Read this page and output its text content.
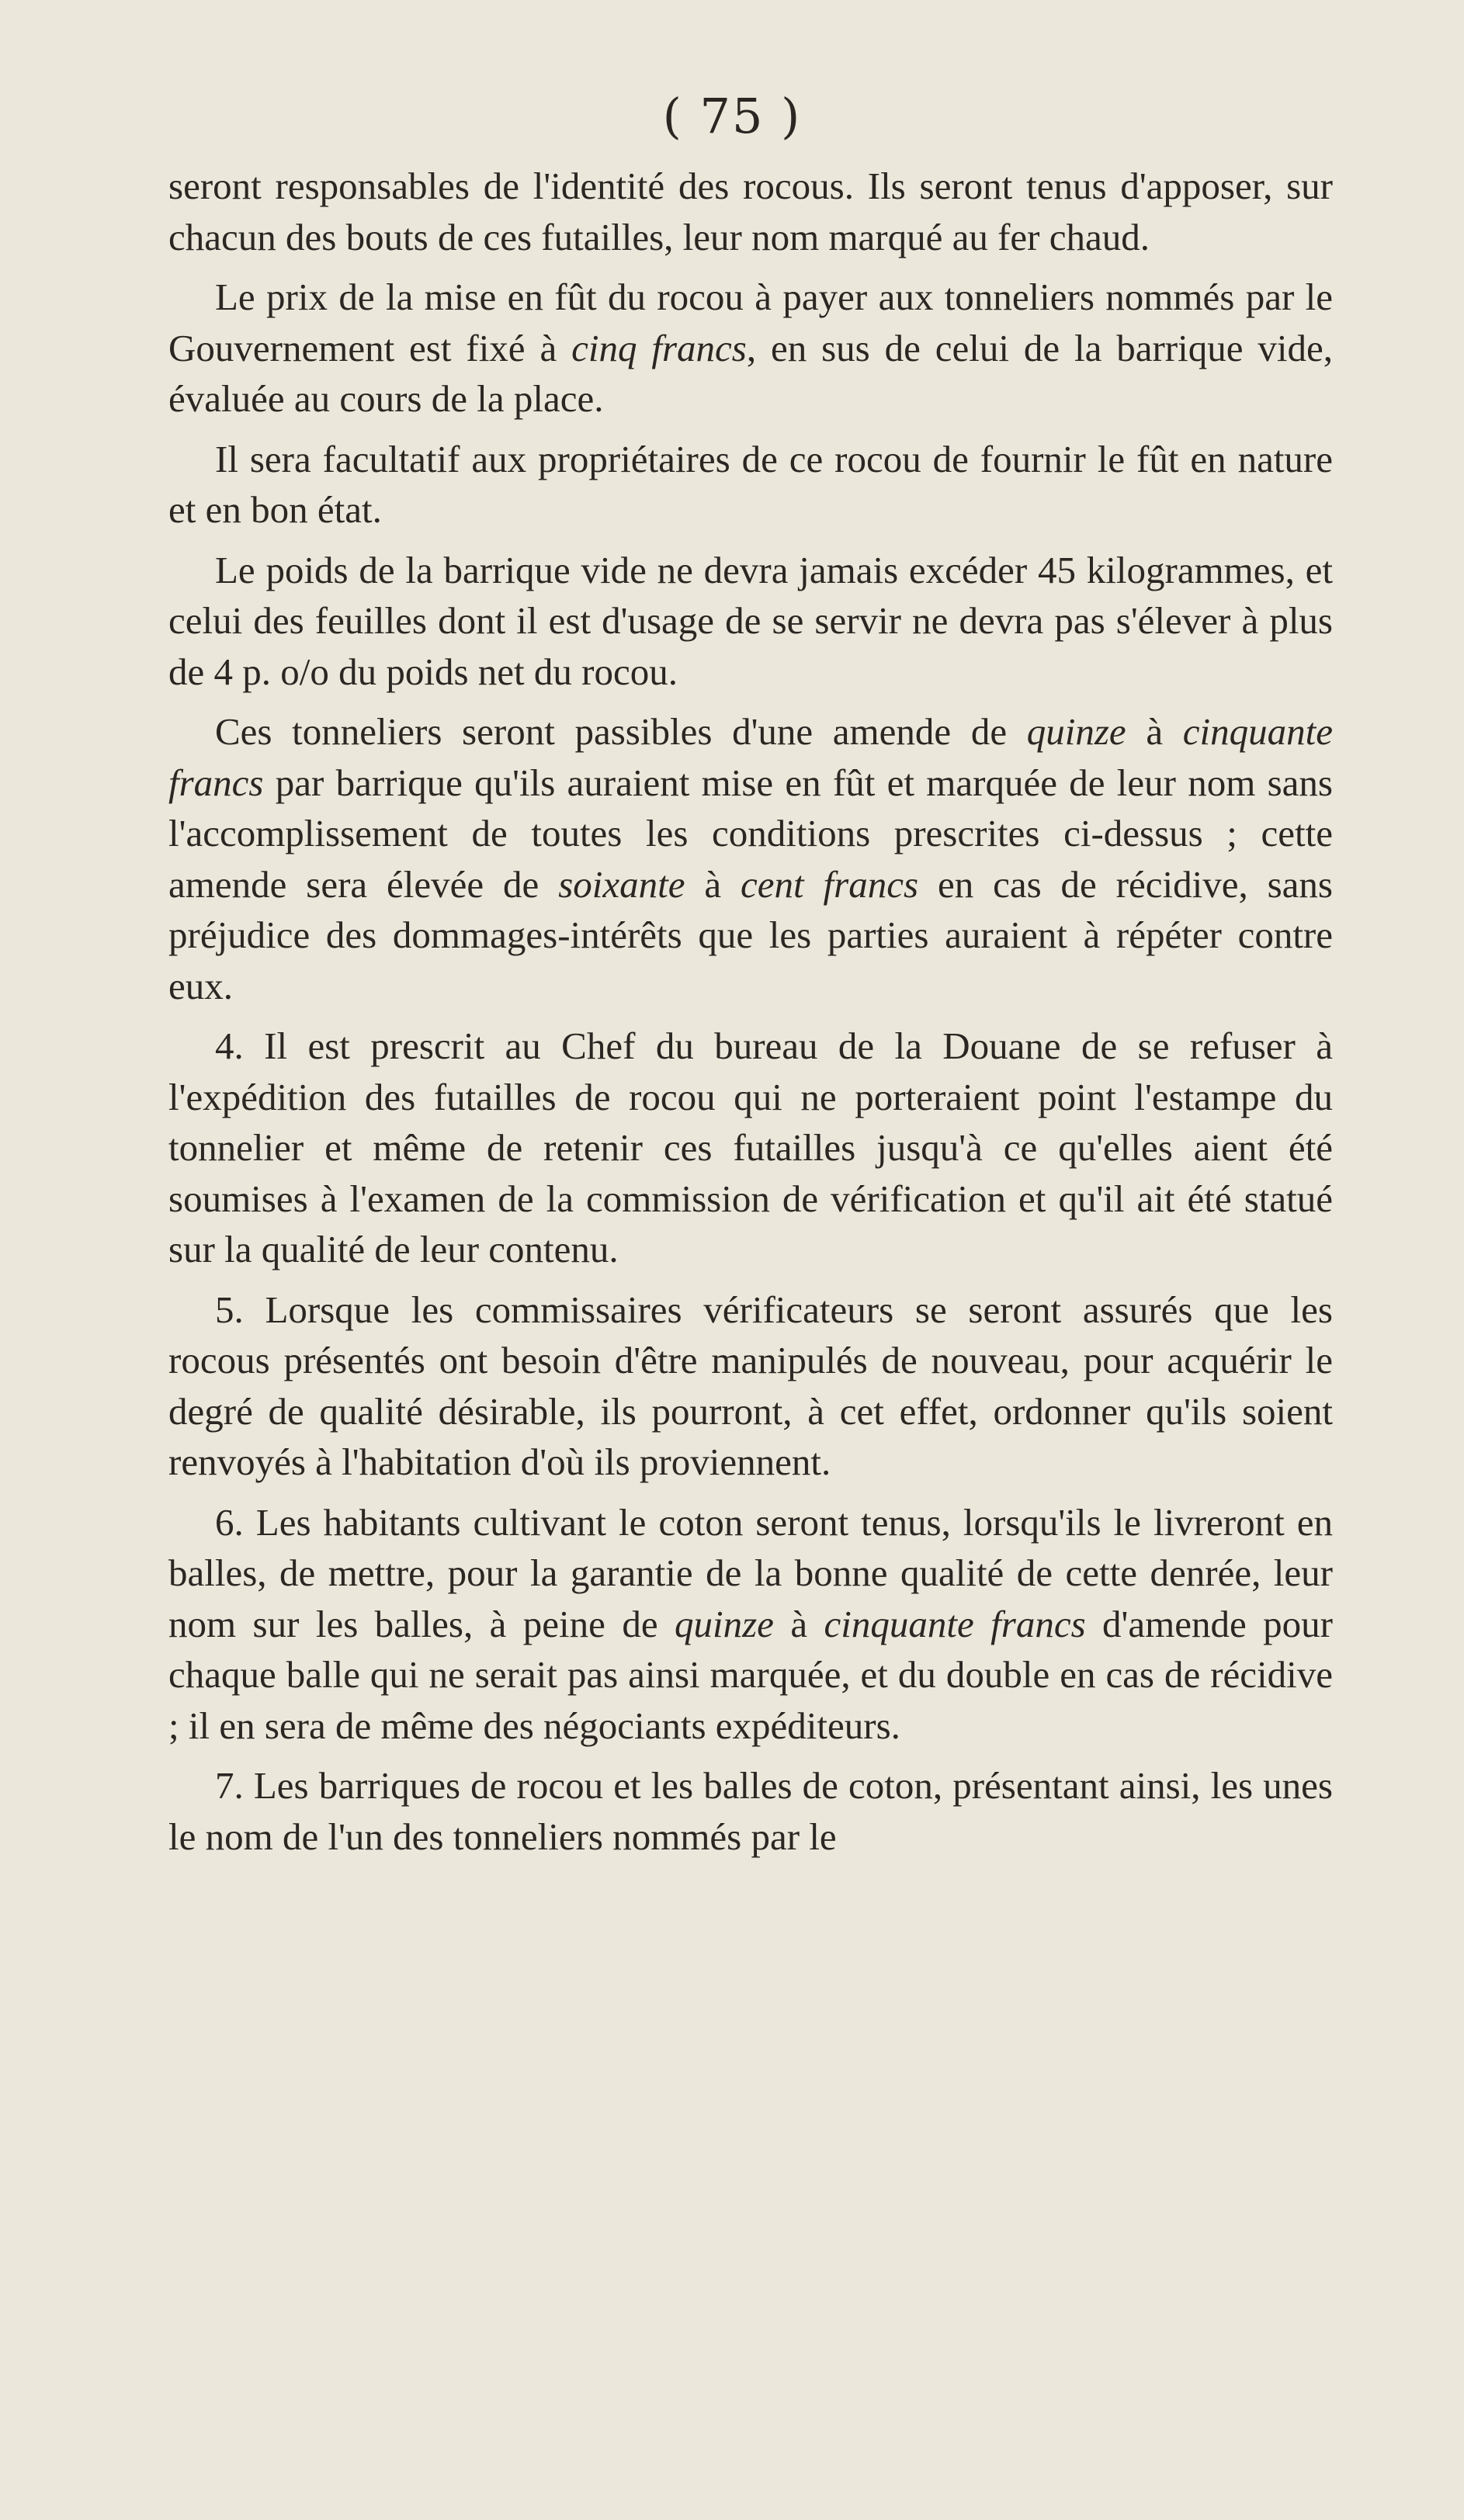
( 75 )

seront responsables de l'identité des rocous. Ils seront tenus d'apposer, sur chacun des bouts de ces futailles, leur nom marqué au fer chaud.

Le prix de la mise en fût du rocou à payer aux tonneliers nommés par le Gouvernement est fixé à cinq francs, en sus de celui de la barrique vide, évaluée au cours de la place.

Il sera facultatif aux propriétaires de ce rocou de fournir le fût en nature et en bon état.

Le poids de la barrique vide ne devra jamais excéder 45 kilogrammes, et celui des feuilles dont il est d'usage de se servir ne devra pas s'élever à plus de 4 p. o/o du poids net du rocou.

Ces tonneliers seront passibles d'une amende de quinze à cinquante francs par barrique qu'ils auraient mise en fût et marquée de leur nom sans l'accomplissement de toutes les conditions prescrites ci-dessus ; cette amende sera élevée de soixante à cent francs en cas de récidive, sans préjudice des dommages-intérêts que les parties auraient à répéter contre eux.

4. Il est prescrit au Chef du bureau de la Douane de se refuser à l'expédition des futailles de rocou qui ne porteraient point l'estampe du tonnelier et même de retenir ces futailles jusqu'à ce qu'elles aient été soumises à l'examen de la commission de vérification et qu'il ait été statué sur la qualité de leur contenu.

5. Lorsque les commissaires vérificateurs se seront assurés que les rocous présentés ont besoin d'être manipulés de nouveau, pour acquérir le degré de qualité désirable, ils pourront, à cet effet, ordonner qu'ils soient renvoyés à l'habitation d'où ils proviennent.

6. Les habitants cultivant le coton seront tenus, lorsqu'ils le livreront en balles, de mettre, pour la garantie de la bonne qualité de cette denrée, leur nom sur les balles, à peine de quinze à cinquante francs d'amende pour chaque balle qui ne serait pas ainsi marquée, et du double en cas de récidive ; il en sera de même des négociants expéditeurs.

7. Les barriques de rocou et les balles de coton, présentant ainsi, les unes le nom de l'un des tonneliers nommés par le
